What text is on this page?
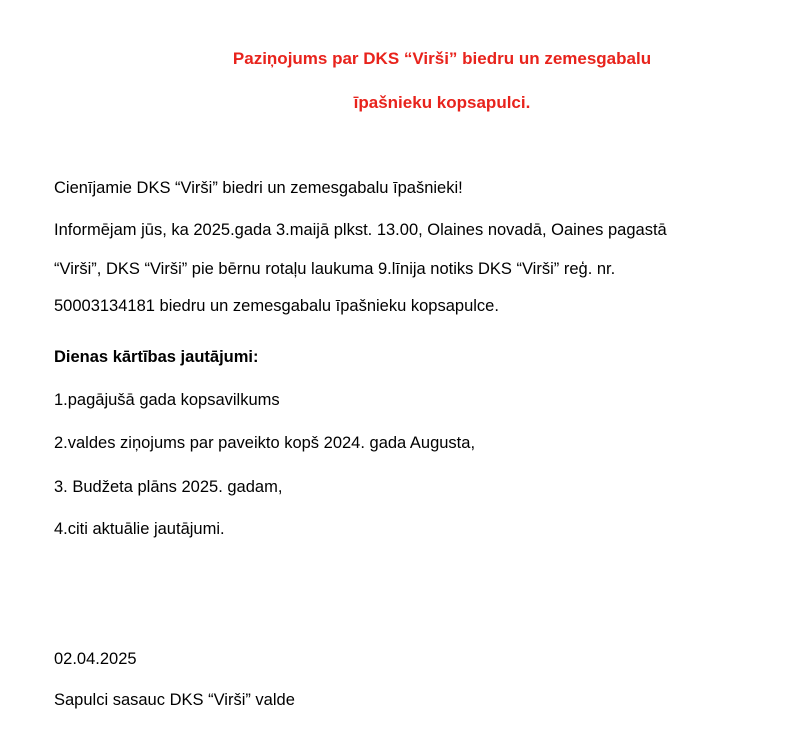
Paziņojums par DKS “Virši” biedru un zemesgabalu
īpašnieku kopsapulci.
Cienījamie DKS “Virši” biedri un zemesgabalu īpašnieki!
Informējam jūs, ka 2025.gada 3.maijā plkst. 13.00, Olaines novadā, Oaines pagastā
“Virši”, DKS “Virši” pie bērnu rotaļu laukuma 9.līnija notiks DKS “Virši” reģ. nr.
50003134181 biedru un zemesgabalu īpašnieku kopsapulce.
Dienas kārtības jautājumi:
1.pagājušā gada kopsavilkums
2.valdes ziņojums par paveikto kopš 2024. gada Augusta,
3. Budžeta plāns 2025. gadam,
4.citi aktuālie jautājumi.
02.04.2025
Sapulci sasauc DKS “Virši” valde
